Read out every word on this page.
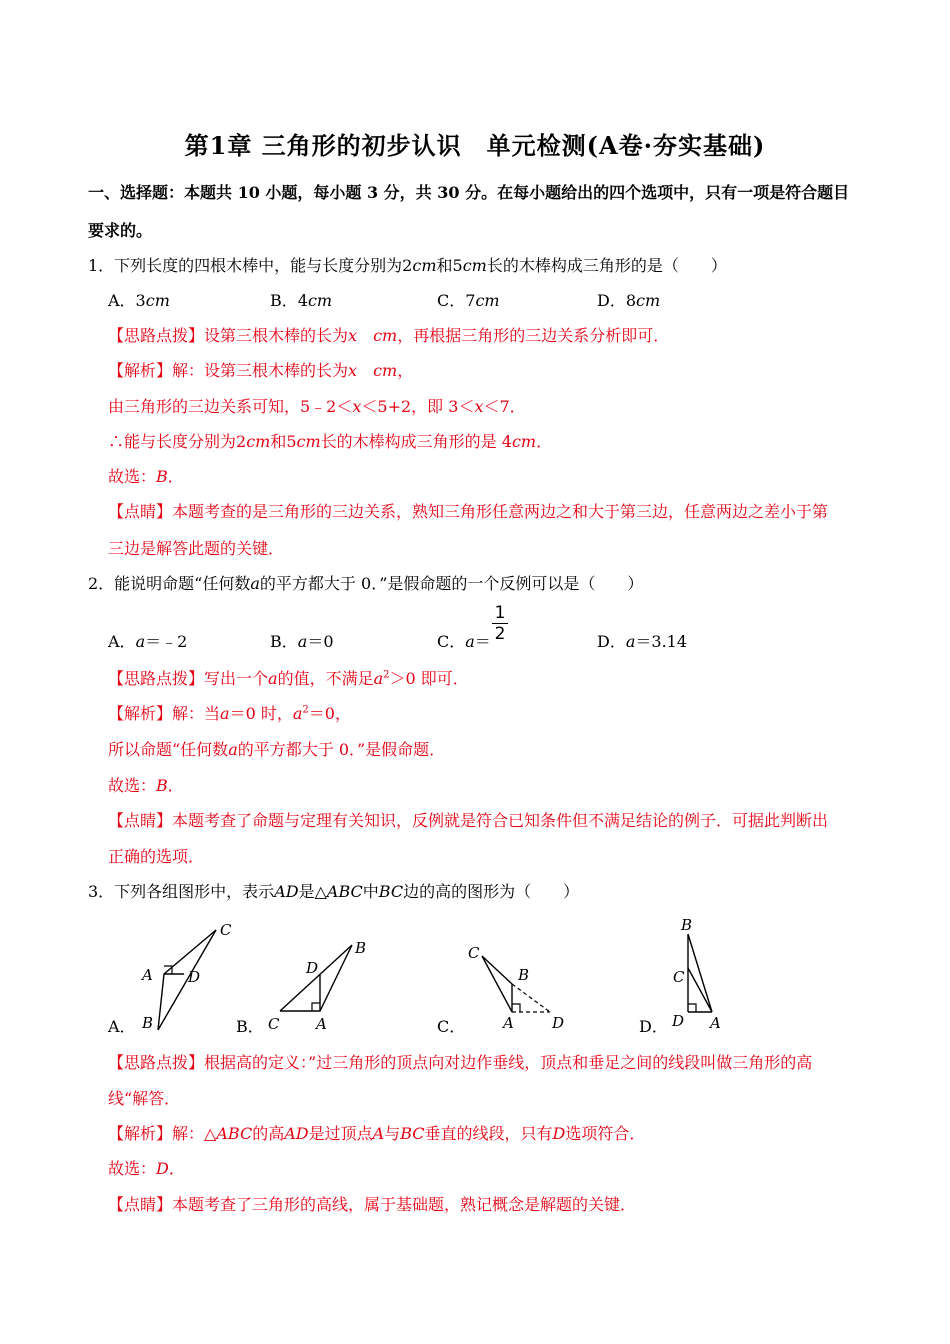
第1章 三角形的初步认识　单元检测(A卷·夯实基础)
一、选择题：本题共 10 小题，每小题 3 分，共 30 分。在每小题给出的四个选项中，只有一项是符合题目
要求的。
1．下列长度的四根木棒中，能与长度分别为2cm和5cm长的木棒构成三角形的是（　　）
A．3cm	B．4cm	C．7cm	D．8cm
【思路点拨】设第三根木棒的长为x　 cm，再根据三角形的三边关系分析即可．
【解析】解：设第三根木棒的长为x　 cm，
由三角形的三边关系可知，5﹣2＜x＜5+2，即 3＜x＜7．
∴能与长度分别为2cm和5cm长的木棒构成三角形的是 4cm．
故选：B．
【点睛】本题考查的是三角形的三边关系，熟知三角形任意两边之和大于第三边，任意两边之差小于第
三边是解答此题的关键．
2．能说明命题“任何数a的平方都大于 0．”是假命题的一个反例可以是（　　）
A．a＝﹣2	B．a＝0	C．a＝
1
2	D．a＝3.14
【思路点拨】写出一个a的值，不满足$a^2>0$ 即可．
【解析】解：当a＝0 时，$a^2=0$，
所以命题“任何数a的平方都大于 0．”是假命题．
故选：B．
【点睛】本题考查了命题与定理有关知识，反例就是符合已知条件但不满足结论的例子．可据此判断出
正确的选项．
3．下列各组图形中，表示AD是△ABC中BC边的高的图形为（　　）
A．
C
A D
B	B．
B
D
C A	C．
C
B
A	D	D．
B
C
D A
【思路点拨】根据高的定义：”过三角形的顶点向对边作垂线，顶点和垂足之间的线段叫做三角形的高
线“解答．
【解析】解：△ABC的高AD是过顶点A与BC垂直的线段，只有D选项符合．
故选：D．
【点睛】本题考查了三角形的高线，属于基础题，熟记概念是解题的关键．
